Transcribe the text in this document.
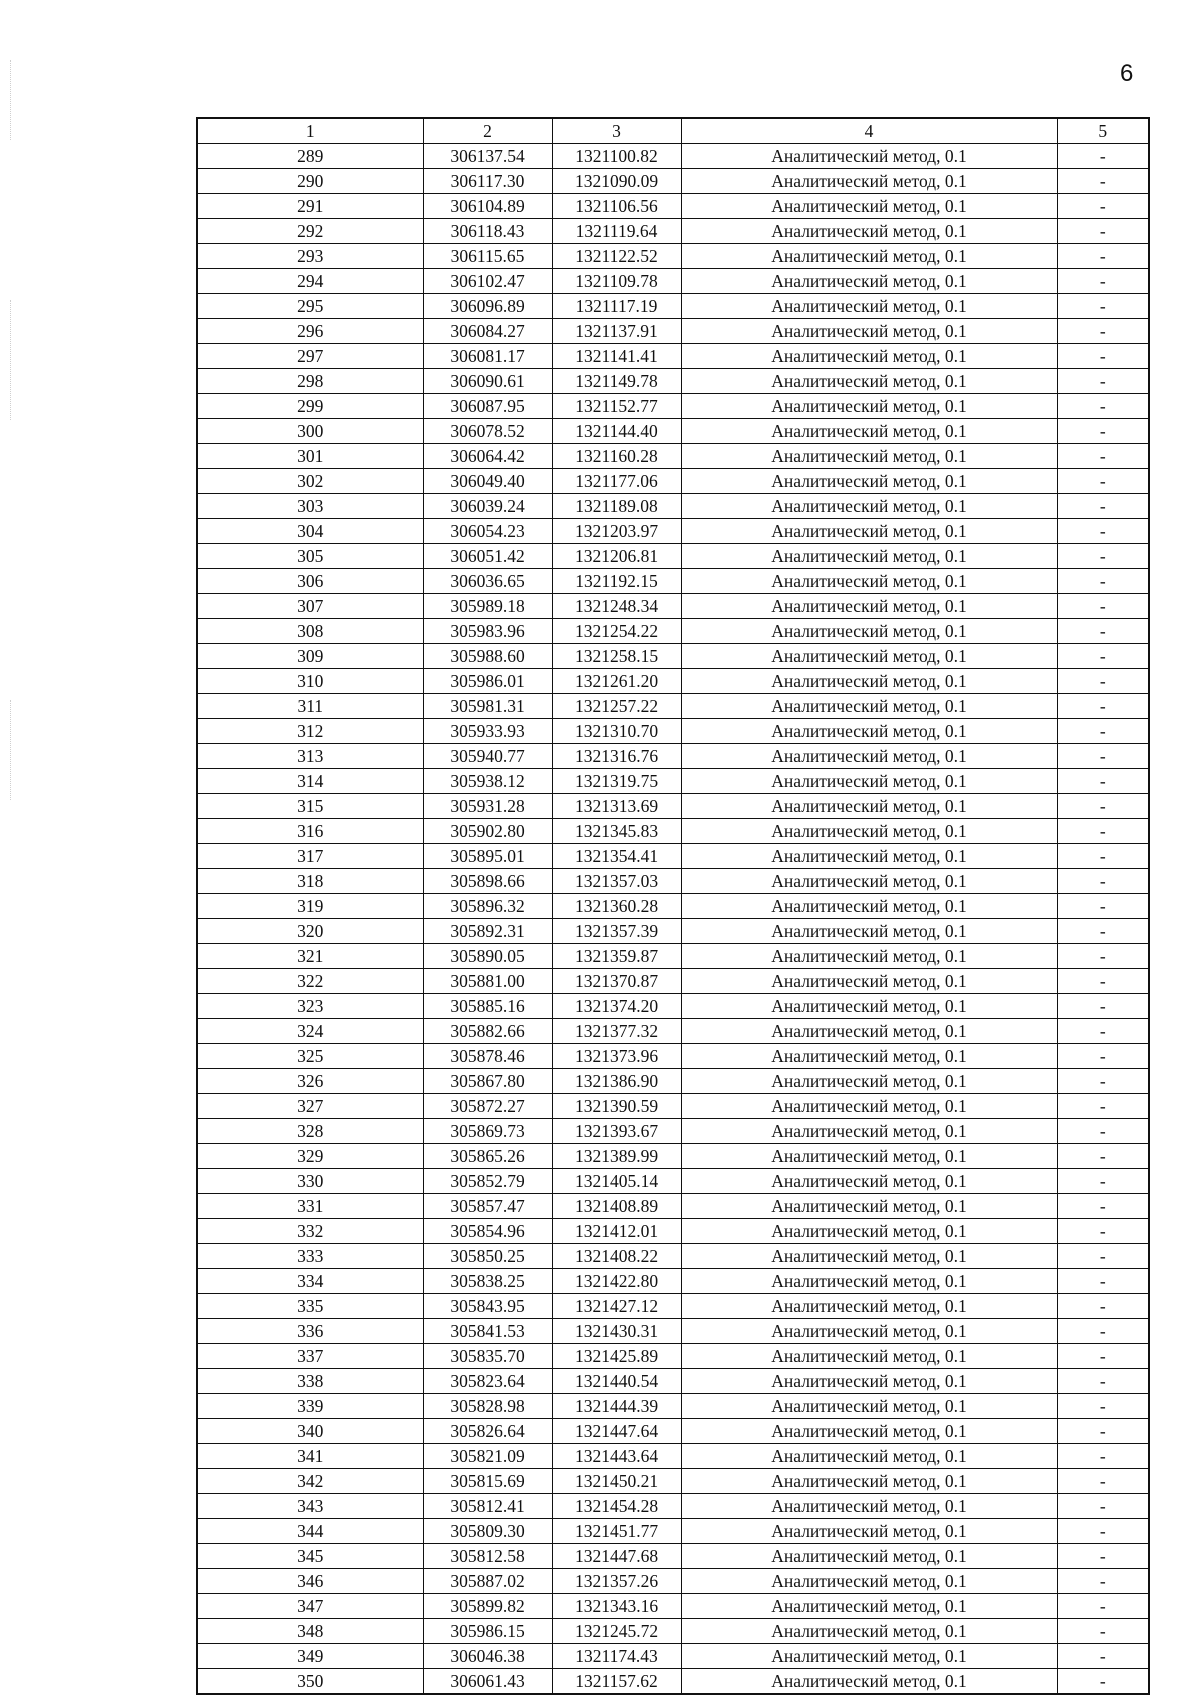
6
1	2	3	4	5
289	306137.54	1321100.82	Аналитический метод, 0.1	-
290	306117.30	1321090.09	Аналитический метод, 0.1	-
291	306104.89	1321106.56	Аналитический метод, 0.1	-
292	306118.43	1321119.64	Аналитический метод, 0.1	-
293	306115.65	1321122.52	Аналитический метод, 0.1	-
294	306102.47	1321109.78	Аналитический метод, 0.1	-
295	306096.89	1321117.19	Аналитический метод, 0.1	-
296	306084.27	1321137.91	Аналитический метод, 0.1	-
297	306081.17	1321141.41	Аналитический метод, 0.1	-
298	306090.61	1321149.78	Аналитический метод, 0.1	-
299	306087.95	1321152.77	Аналитический метод, 0.1	-
300	306078.52	1321144.40	Аналитический метод, 0.1	-
301	306064.42	1321160.28	Аналитический метод, 0.1	-
302	306049.40	1321177.06	Аналитический метод, 0.1	-
303	306039.24	1321189.08	Аналитический метод, 0.1	-
304	306054.23	1321203.97	Аналитический метод, 0.1	-
305	306051.42	1321206.81	Аналитический метод, 0.1	-
306	306036.65	1321192.15	Аналитический метод, 0.1	-
307	305989.18	1321248.34	Аналитический метод, 0.1	-
308	305983.96	1321254.22	Аналитический метод, 0.1	-
309	305988.60	1321258.15	Аналитический метод, 0.1	-
310	305986.01	1321261.20	Аналитический метод, 0.1	-
311	305981.31	1321257.22	Аналитический метод, 0.1	-
312	305933.93	1321310.70	Аналитический метод, 0.1	-
313	305940.77	1321316.76	Аналитический метод, 0.1	-
314	305938.12	1321319.75	Аналитический метод, 0.1	-
315	305931.28	1321313.69	Аналитический метод, 0.1	-
316	305902.80	1321345.83	Аналитический метод, 0.1	-
317	305895.01	1321354.41	Аналитический метод, 0.1	-
318	305898.66	1321357.03	Аналитический метод, 0.1	-
319	305896.32	1321360.28	Аналитический метод, 0.1	-
320	305892.31	1321357.39	Аналитический метод, 0.1	-
321	305890.05	1321359.87	Аналитический метод, 0.1	-
322	305881.00	1321370.87	Аналитический метод, 0.1	-
323	305885.16	1321374.20	Аналитический метод, 0.1	-
324	305882.66	1321377.32	Аналитический метод, 0.1	-
325	305878.46	1321373.96	Аналитический метод, 0.1	-
326	305867.80	1321386.90	Аналитический метод, 0.1	-
327	305872.27	1321390.59	Аналитический метод, 0.1	-
328	305869.73	1321393.67	Аналитический метод, 0.1	-
329	305865.26	1321389.99	Аналитический метод, 0.1	-
330	305852.79	1321405.14	Аналитический метод, 0.1	-
331	305857.47	1321408.89	Аналитический метод, 0.1	-
332	305854.96	1321412.01	Аналитический метод, 0.1	-
333	305850.25	1321408.22	Аналитический метод, 0.1	-
334	305838.25	1321422.80	Аналитический метод, 0.1	-
335	305843.95	1321427.12	Аналитический метод, 0.1	-
336	305841.53	1321430.31	Аналитический метод, 0.1	-
337	305835.70	1321425.89	Аналитический метод, 0.1	-
338	305823.64	1321440.54	Аналитический метод, 0.1	-
339	305828.98	1321444.39	Аналитический метод, 0.1	-
340	305826.64	1321447.64	Аналитический метод, 0.1	-
341	305821.09	1321443.64	Аналитический метод, 0.1	-
342	305815.69	1321450.21	Аналитический метод, 0.1	-
343	305812.41	1321454.28	Аналитический метод, 0.1	-
344	305809.30	1321451.77	Аналитический метод, 0.1	-
345	305812.58	1321447.68	Аналитический метод, 0.1	-
346	305887.02	1321357.26	Аналитический метод, 0.1	-
347	305899.82	1321343.16	Аналитический метод, 0.1	-
348	305986.15	1321245.72	Аналитический метод, 0.1	-
349	306046.38	1321174.43	Аналитический метод, 0.1	-
350	306061.43	1321157.62	Аналитический метод, 0.1	-
